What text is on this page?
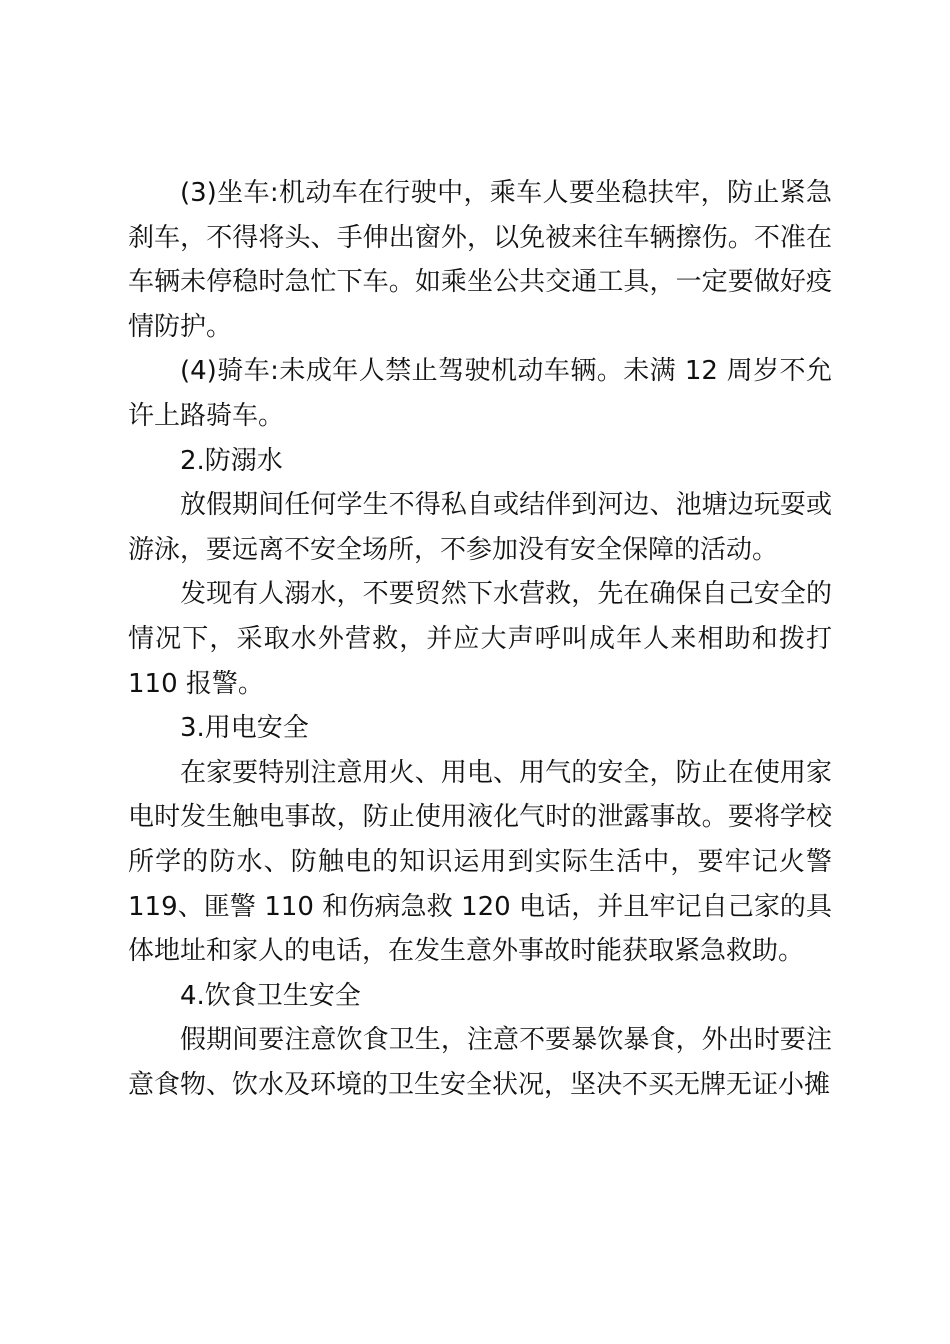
(3)坐车:机动车在行驶中，乘车人要坐稳扶牢，防止紧急刹车，不得将头、手伸出窗外，以免被来往车辆擦伤。不准在车辆未停稳时急忙下车。如乘坐公共交通工具，一定要做好疫情防护。

(4)骑车:未成年人禁止驾驶机动车辆。未满 12 周岁不允许上路骑车。

2.防溺水

放假期间任何学生不得私自或结伴到河边、池塘边玩耍或游泳，要远离不安全场所，不参加没有安全保障的活动。

发现有人溺水，不要贸然下水营救，先在确保自己安全的情况下，采取水外营救，并应大声呼叫成年人来相助和拨打 110 报警。

3.用电安全

在家要特别注意用火、用电、用气的安全，防止在使用家电时发生触电事故，防止使用液化气时的泄露事故。要将学校所学的防水、防触电的知识运用到实际生活中，要牢记火警 119、匪警 110 和伤病急救 120 电话，并且牢记自己家的具体地址和家人的电话，在发生意外事故时能获取紧急救助。

4.饮食卫生安全

假期间要注意饮食卫生，注意不要暴饮暴食，外出时要注意食物、饮水及环境的卫生安全状况，坚决不买无牌无证小摊
